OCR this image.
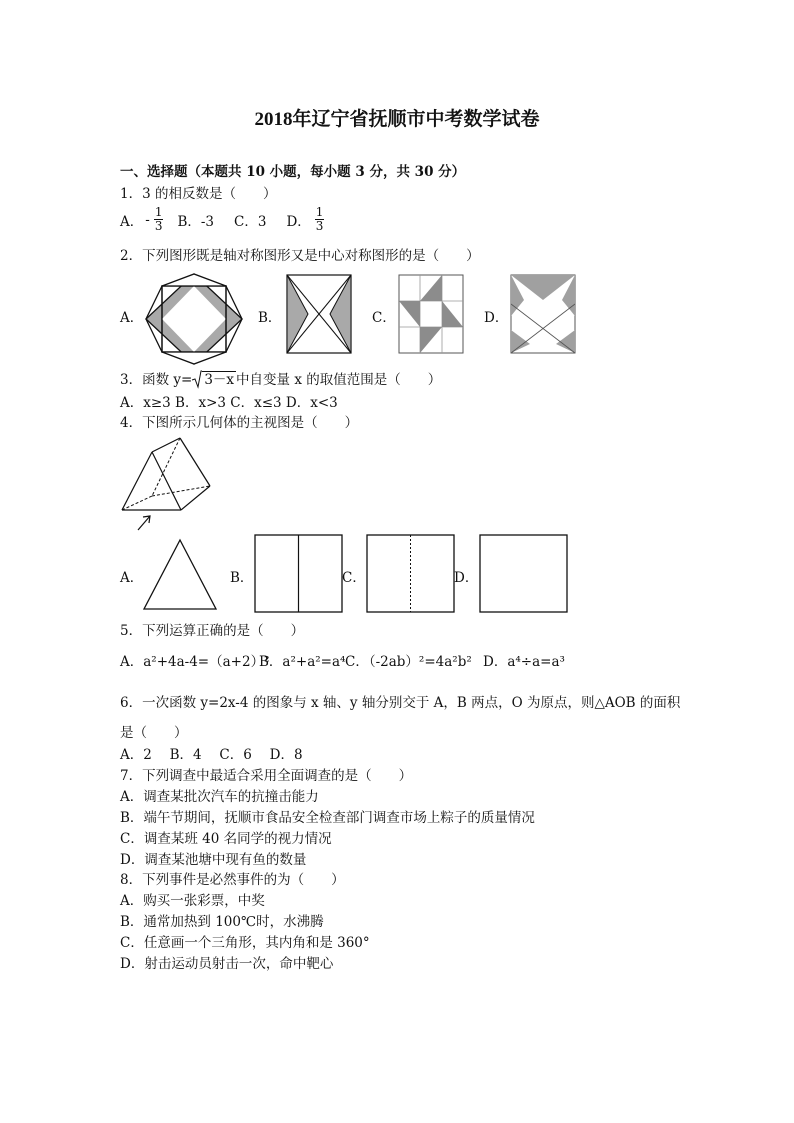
2018年辽宁省抚顺市中考数学试卷
一、选择题（本题共 10 小题，每小题 3 分，共 30 分）
1．3 的相反数是（　　）
A． - $\frac{1}{3}$ B．-3 C．3 D． $\frac{1}{3}$
2．下列图形既是轴对称图形又是中心对称图形的是（　　）
A．	B．	C．	D．
3．函数 y= 3－x 中自变量 x 的取值范围是（　　）
A．x≥3 B．x>3 C．x≤3 D．x<3
4．下图所示几何体的主视图是（　　）
A．	B．	C．	D．
5．下列运算正确的是（　　）
A．a²+4a-4=（a+2）²
B．a²+a²=a⁴ C．（-2ab）²=4a²b² D．a⁴÷a=a³
6．一次函数 y=2x-4 的图象与 x 轴、y 轴分别交于 A，B 两点，O 为原点，则△AOB 的面积
是（　　）
A．2　 B．4　 C．6　 D．8
7．下列调查中最适合采用全面调查的是（　　）
A．调查某批次汽车的抗撞击能力
B．端午节期间，抚顺市食品安全检查部门调查市场上粽子的质量情况
C．调查某班 40 名同学的视力情况
D．调查某池塘中现有鱼的数量
8．下列事件是必然事件的为（　　）
A．购买一张彩票，中奖
B．通常加热到 100℃时，水沸腾
C．任意画一个三角形，其内角和是 360°
D．射击运动员射击一次，命中靶心
